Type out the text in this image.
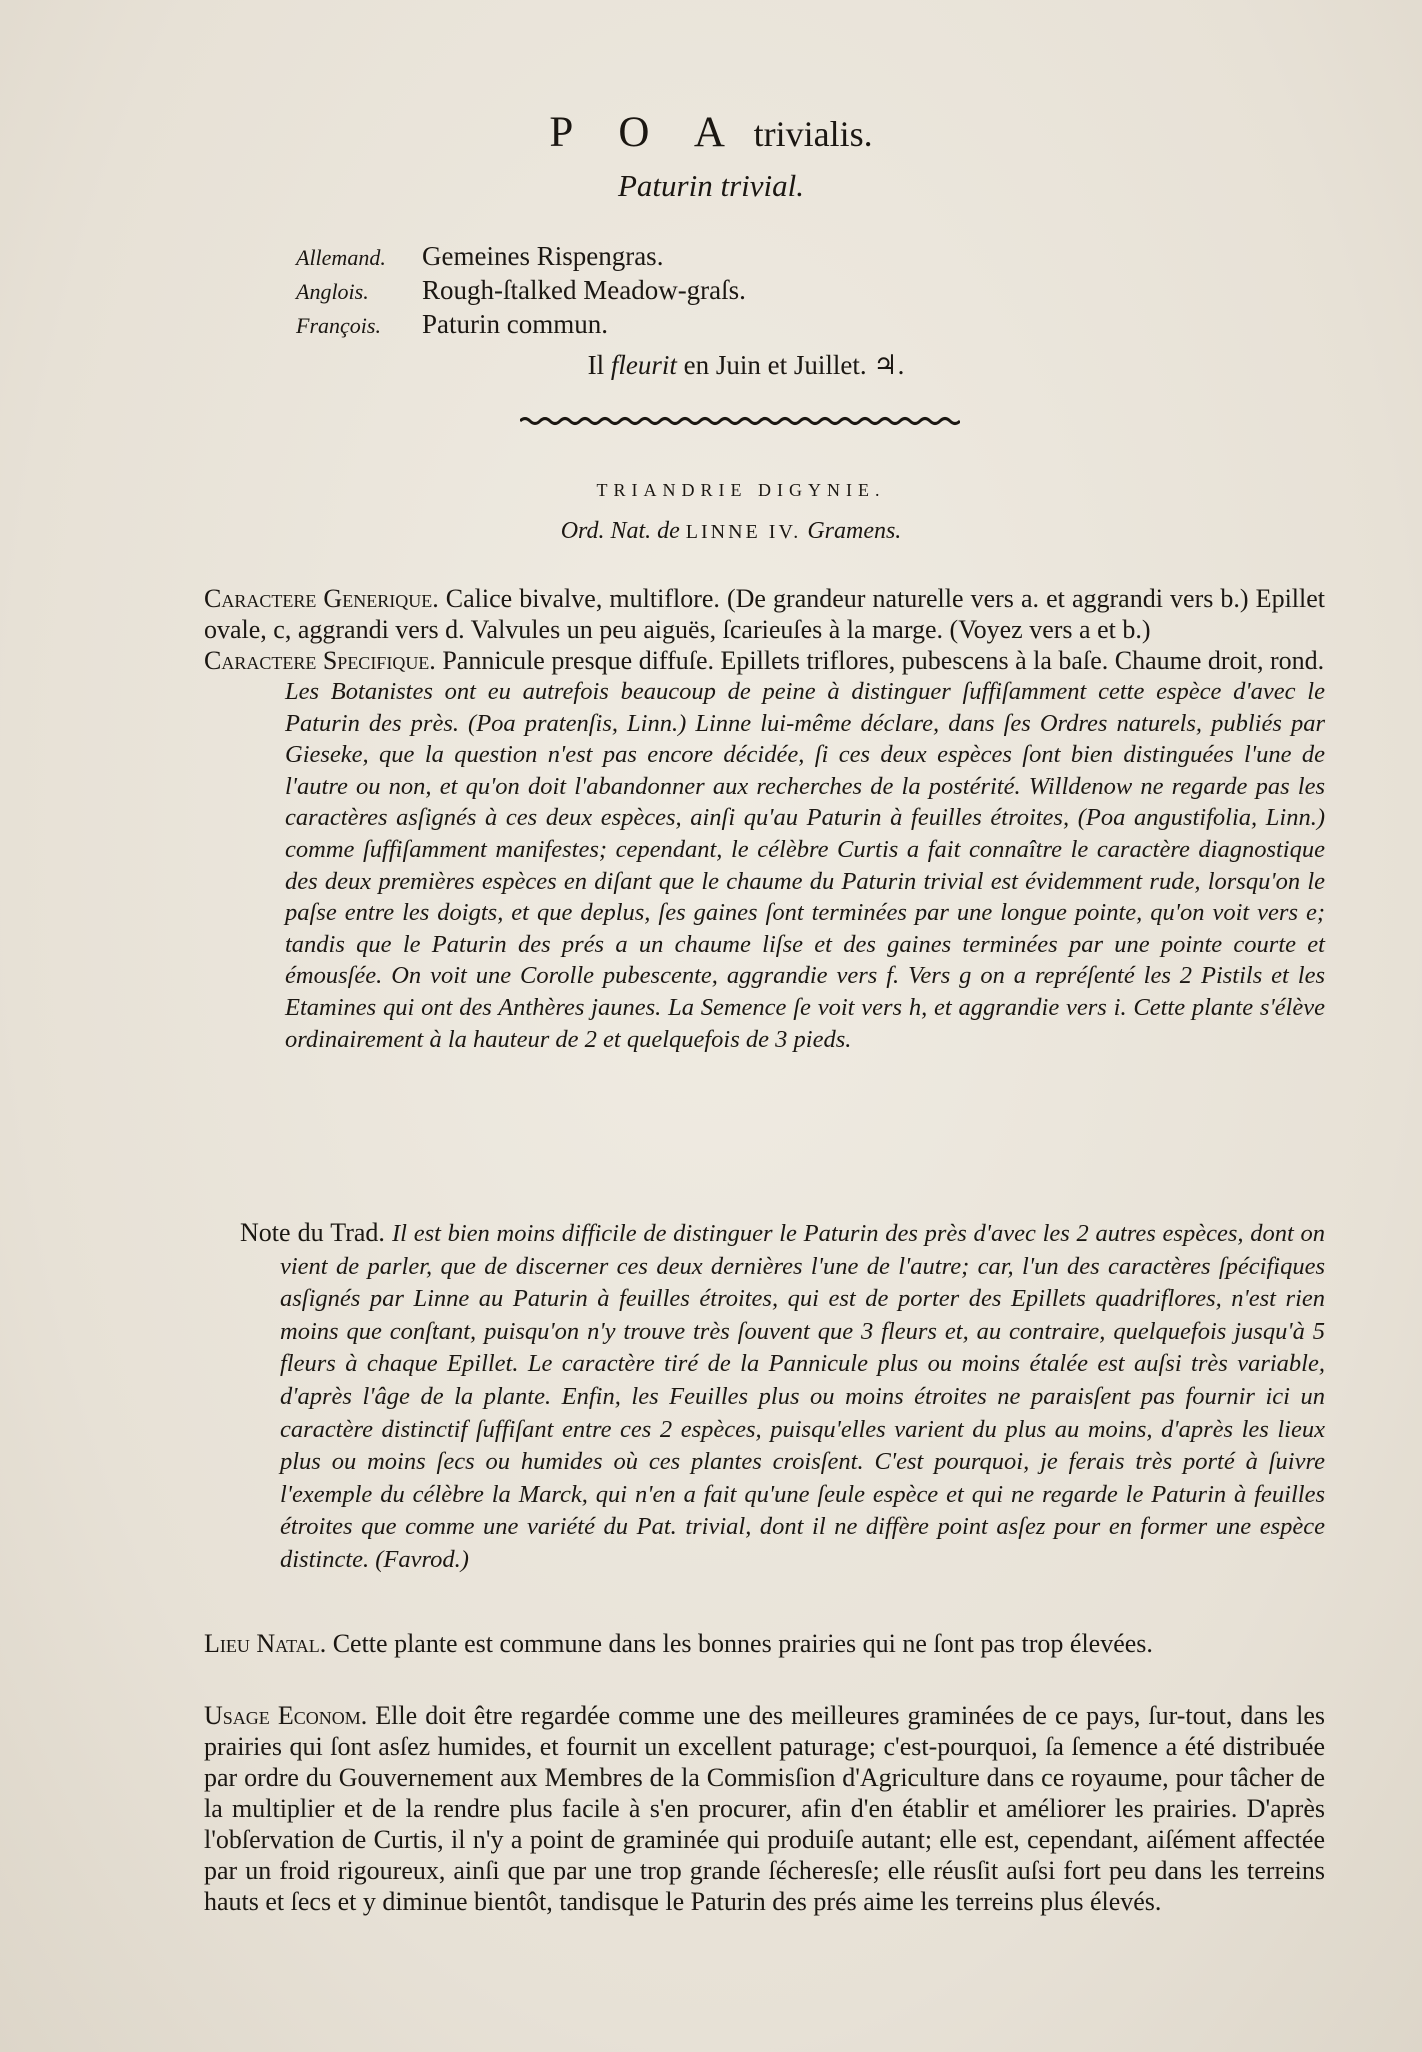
P O A trivialis.
Paturin trivial.
Allemand. Gemeines Rispengras.
Anglois. Rough-ſtalked Meadow-graſs.
François. Paturin commun.
Il fleurit en Juin et Juillet. ♃.
TRIANDRIE DIGYNIE.
Ord. Nat. de LINNE IV. Gramens.

Caractere Generique. Calice bivalve, multiflore. (De grandeur naturelle vers a. et aggrandi vers b.) Epillet ovale, c, aggrandi vers d. Valvules un peu aiguës, ſcarieuſes à la marge. (Voyez vers a et b.)

Caractere Specifique. Pannicule presque diffuſe. Epillets triflores, pubescens à la baſe. Chaume droit, rond.

Les Botanistes ont eu autrefois beaucoup de peine à distinguer ſuffiſamment cette espèce d'avec le Paturin des près. (Poa pratenſis, Linn.) Linne lui-même déclare, dans ſes Ordres naturels, publiés par Gieseke, que la question n'est pas encore décidée, ſi ces deux espèces ſont bien distinguées l'une de l'autre ou non, et qu'on doit l'abandonner aux recherches de la postérité. Willdenow ne regarde pas les caractères asſignés à ces deux espèces, ainſi qu'au Paturin à feuilles étroites, (Poa angustifolia, Linn.) comme ſuffiſamment manifestes; cependant, le célèbre Curtis a fait connaître le caractère diagnostique des deux premières espèces en diſant que le chaume du Paturin trivial est évidemment rude, lorsqu'on le paſse entre les doigts, et que deplus, ſes gaines ſont terminées par une longue pointe, qu'on voit vers e; tandis que le Paturin des prés a un chaume liſse et des gaines terminées par une pointe courte et émousſée. On voit une Corolle pubescente, aggrandie vers f. Vers g on a repréſenté les 2 Pistils et les Etamines qui ont des Anthères jaunes. La Semence ſe voit vers h, et aggrandie vers i. Cette plante s'élève ordinairement à la hauteur de 2 et quelquefois de 3 pieds.

Note du Trad. Il est bien moins difficile de distinguer le Paturin des près d'avec les 2 autres espèces, dont on vient de parler, que de discerner ces deux dernières l'une de l'autre; car, l'un des caractères ſpécifiques asſignés par Linne au Paturin à feuilles étroites, qui est de porter des Epillets quadriflores, n'est rien moins que conſtant, puisqu'on n'y trouve très ſouvent que 3 fleurs et, au contraire, quelquefois jusqu'à 5 fleurs à chaque Epillet. Le caractère tiré de la Pannicule plus ou moins étalée est auſsi très variable, d'après l'âge de la plante. Enfin, les Feuilles plus ou moins étroites ne paraisſent pas fournir ici un caractère distinctif ſuffiſant entre ces 2 espèces, puisqu'elles varient du plus au moins, d'après les lieux plus ou moins ſecs ou humides où ces plantes croisſent. C'est pourquoi, je ferais très porté à ſuivre l'exemple du célèbre la Marck, qui n'en a fait qu'une ſeule espèce et qui ne regarde le Paturin à feuilles étroites que comme une variété du Pat. trivial, dont il ne diffère point asſez pour en former une espèce distincte. (Favrod.)

Lieu Natal. Cette plante est commune dans les bonnes prairies qui ne ſont pas trop élevées.

Usage Econom. Elle doit être regardée comme une des meilleures graminées de ce pays, ſur-tout, dans les prairies qui ſont asſez humides, et fournit un excellent paturage; c'est-pourquoi, ſa ſemence a été distribuée par ordre du Gouvernement aux Membres de la Commisſion d'Agriculture dans ce royaume, pour tâcher de la multiplier et de la rendre plus facile à s'en procurer, afin d'en établir et améliorer les prairies. D'après l'obſervation de Curtis, il n'y a point de graminée qui produiſe autant; elle est, cependant, aiſément affectée par un froid rigoureux, ainſi que par une trop grande ſécheresſe; elle réusſit auſsi fort peu dans les terreins hauts et ſecs et y diminue bientôt, tandisque le Paturin des prés aime les terreins plus élevés.
